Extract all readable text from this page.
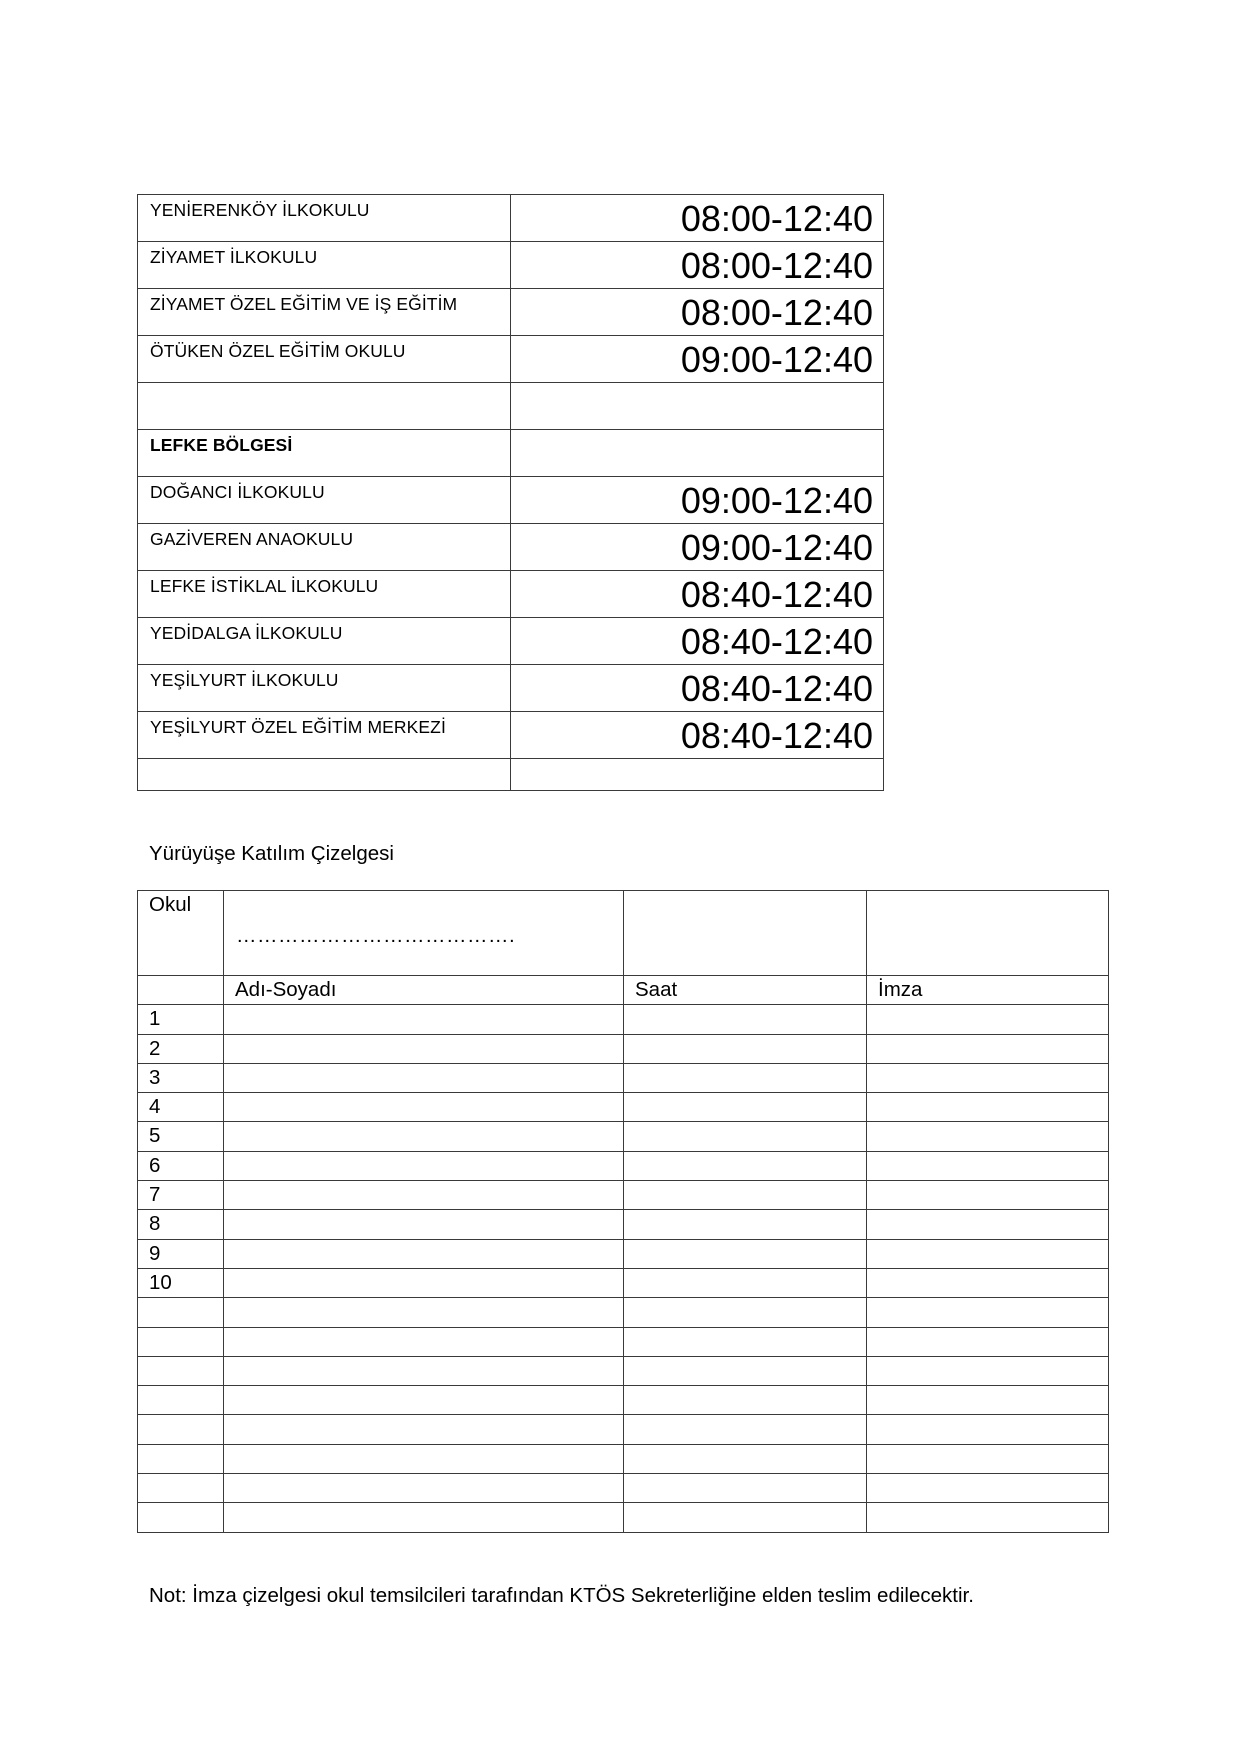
YENİERENKÖY İLKOKULU	08:00-12:40
ZİYAMET İLKOKULU	08:00-12:40
ZİYAMET ÖZEL EĞİTİM VE İŞ EĞİTİM	08:00-12:40
ÖTÜKEN ÖZEL EĞİTİM OKULU	09:00-12:40

LEFKE BÖLGESİ	
DOĞANCI İLKOKULU	09:00-12:40
GAZİVEREN ANAOKULU	09:00-12:40
LEFKE İSTİKLAL İLKOKULU	08:40-12:40
YEDİDALGA İLKOKULU	08:40-12:40
YEŞİLYURT İLKOKULU	08:40-12:40
YEŞİLYURT ÖZEL EĞİTİM MERKEZİ	08:40-12:40

Yürüyüşe Katılım Çizelgesi
Okul	………………………………….		
	Adı-Soyadı	Saat	İmza
1			
2			
3			
4			
5			
6			
7			
8			
9			
10			

Not: İmza çizelgesi okul temsilcileri tarafından KTÖS Sekreterliğine elden teslim edilecektir.
